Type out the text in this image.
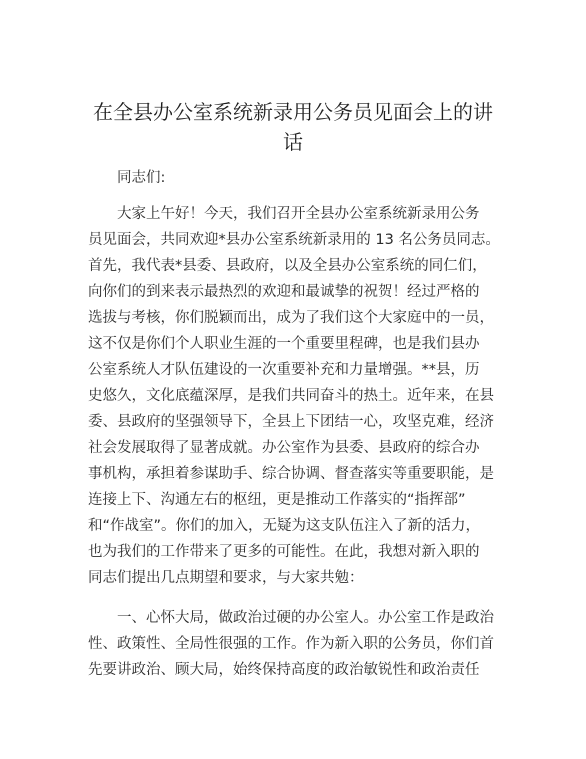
在全县办公室系统新录用公务员见面会上的讲
话

同志们:

大家上午好！今天，我们召开全县办公室系统新录用公务
员见面会，共同欢迎*县办公室系统新录用的 13 名公务员同志。
首先，我代表*县委、县政府，以及全县办公室系统的同仁们，
向你们的到来表示最热烈的欢迎和最诚挚的祝贺！经过严格的
选拔与考核，你们脱颖而出，成为了我们这个大家庭中的一员，
这不仅是你们个人职业生涯的一个重要里程碑，也是我们县办
公室系统人才队伍建设的一次重要补充和力量增强。**县，历
史悠久，文化底蕴深厚，是我们共同奋斗的热土。近年来，在县
委、县政府的坚强领导下，全县上下团结一心，攻坚克难，经济
社会发展取得了显著成就。办公室作为县委、县政府的综合办
事机构，承担着参谋助手、综合协调、督查落实等重要职能，是
连接上下、沟通左右的枢纽，更是推动工作落实的“指挥部”
和“作战室”。你们的加入，无疑为这支队伍注入了新的活力，
也为我们的工作带来了更多的可能性。在此，我想对新入职的
同志们提出几点期望和要求，与大家共勉：

一、心怀大局，做政治过硬的办公室人。办公室工作是政治
性、政策性、全局性很强的工作。作为新入职的公务员，你们首
先要讲政治、顾大局，始终保持高度的政治敏锐性和政治责任
